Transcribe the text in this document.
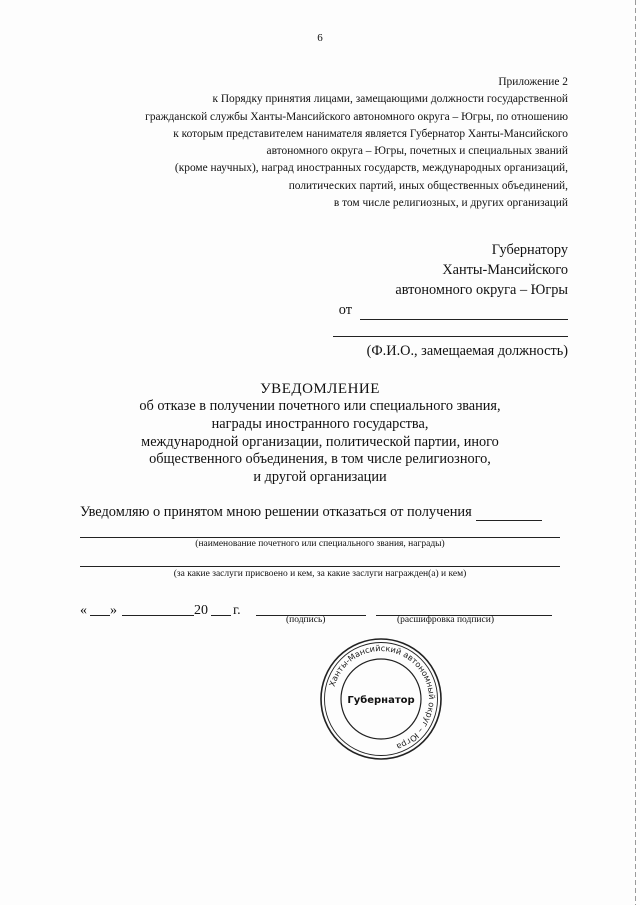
6
Приложение 2
к Порядку принятия лицами, замещающими должности государственной
гражданской службы Ханты-Мансийского автономного округа – Югры, по отношению
к которым представителем нанимателя является Губернатор Ханты-Мансийского
автономного округа – Югры, почетных и специальных званий
(кроме научных), наград иностранных государств, международных организаций,
политических партий, иных общественных объединений,
в том числе религиозных, и других организаций
Губернатору
Ханты-Мансийского
автономного округа – Югры
от
(Ф.И.О., замещаемая должность)
УВЕДОМЛЕНИЕ
об отказе в получении почетного или специального звания,
награды иностранного государства,
международной организации, политической партии, иного
общественного объединения, в том числе религиозного,
и другой организации
Уведомляю о принятом мною решении отказаться от получения
(наименование почетного или специального звания, награды)
(за какие заслуги присвоено и кем, за какие заслуги награжден(а) и кем)
« »	20 г.
(подпись)	(расшифровка подписи)
Ханты-Мансийский автономный округ – Югра
Губернатор
